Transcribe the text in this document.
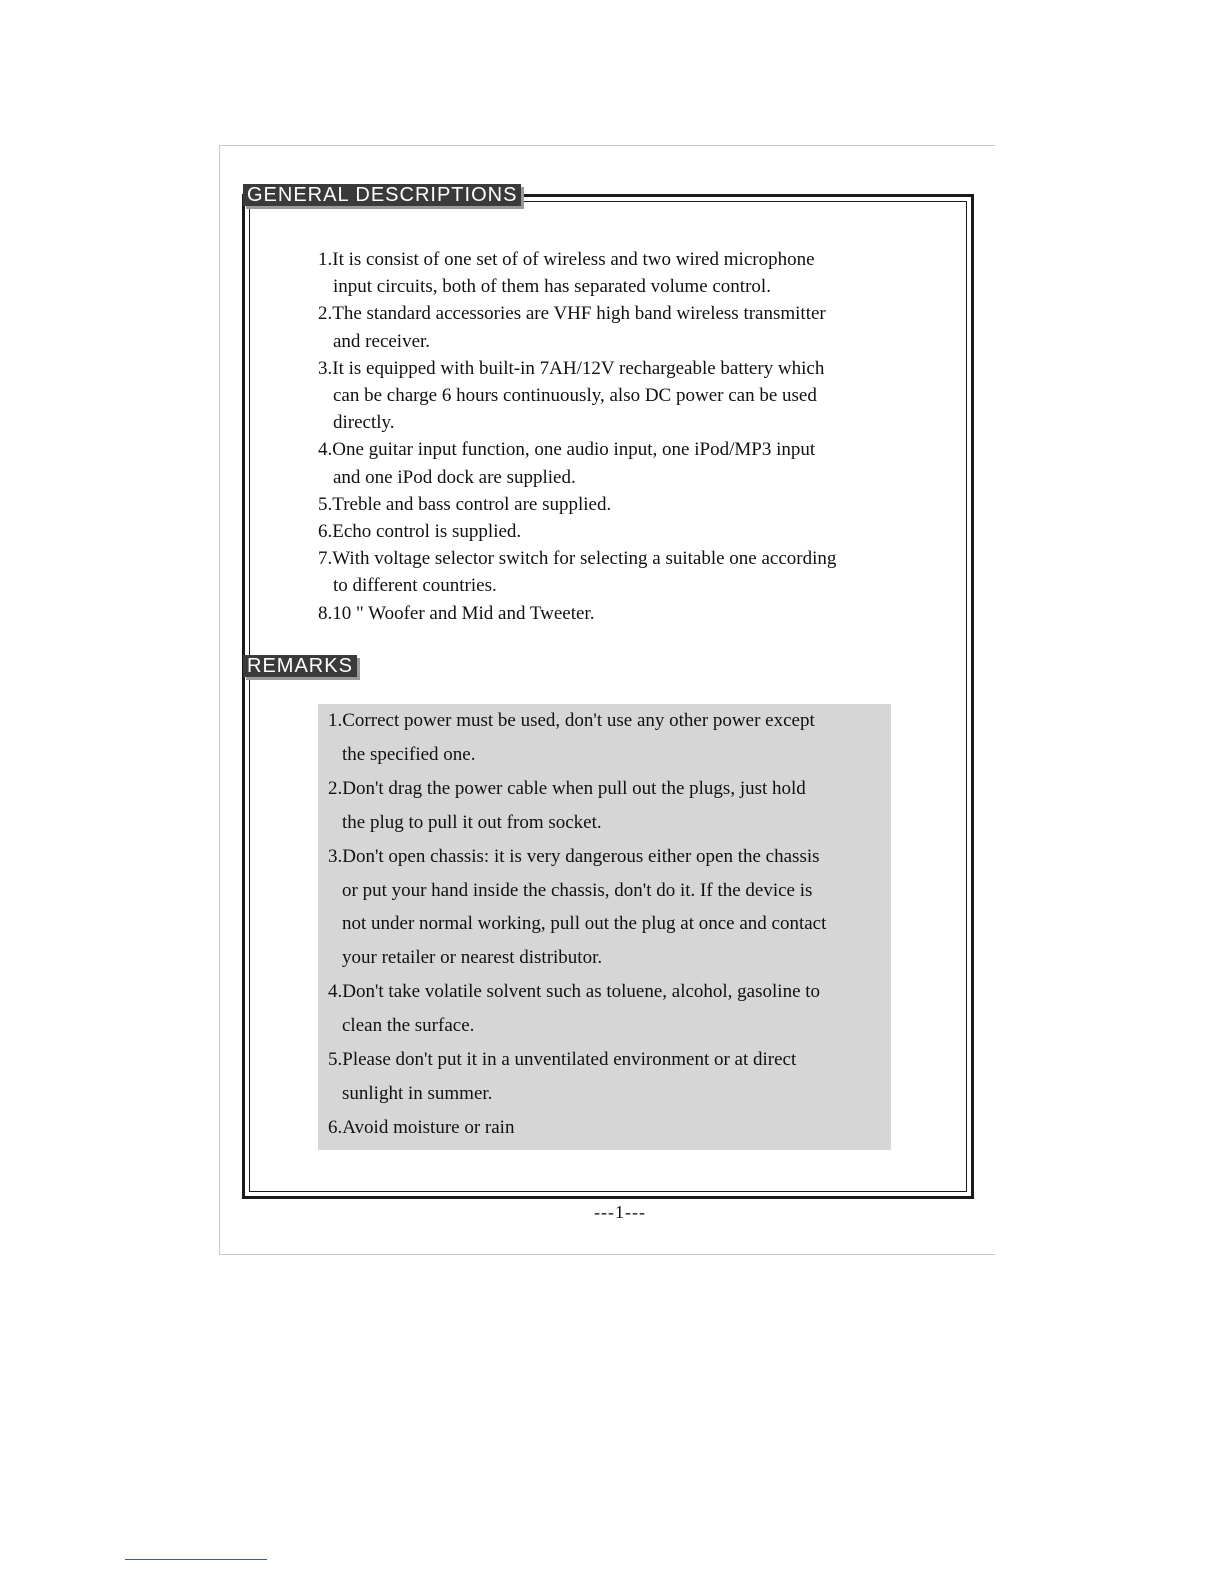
GENERAL DESCRIPTIONS
1.It is consist of one set of of wireless and two wired microphone
input circuits, both of them has separated volume control.
2.The standard accessories are VHF high band wireless transmitter
and receiver.
3.It is equipped with built-in 7AH/12V rechargeable battery which
can be charge 6 hours continuously, also DC power can be used
directly.
4.One guitar input function, one audio input, one iPod/MP3 input
and one iPod dock are supplied.
5.Treble and bass control are supplied.
6.Echo control is supplied.
7.With voltage selector switch for selecting a suitable one according
to different countries.
8.10 " Woofer and Mid and Tweeter.
REMARKS
1.Correct power must be used, don't use any other power except
the specified one.
2.Don't drag the power cable when pull out the plugs, just hold
the plug to pull it out from socket.
3.Don't open chassis: it is very dangerous either open the chassis
or put your hand inside the chassis, don't do it. If the device is
not under normal working, pull out the plug at once and contact
your retailer or nearest distributor.
4.Don't take volatile solvent such as toluene, alcohol, gasoline to
clean the surface.
5.Please don't put it in a unventilated environment or at direct
sunlight in summer.
6.Avoid moisture or rain
---1---
